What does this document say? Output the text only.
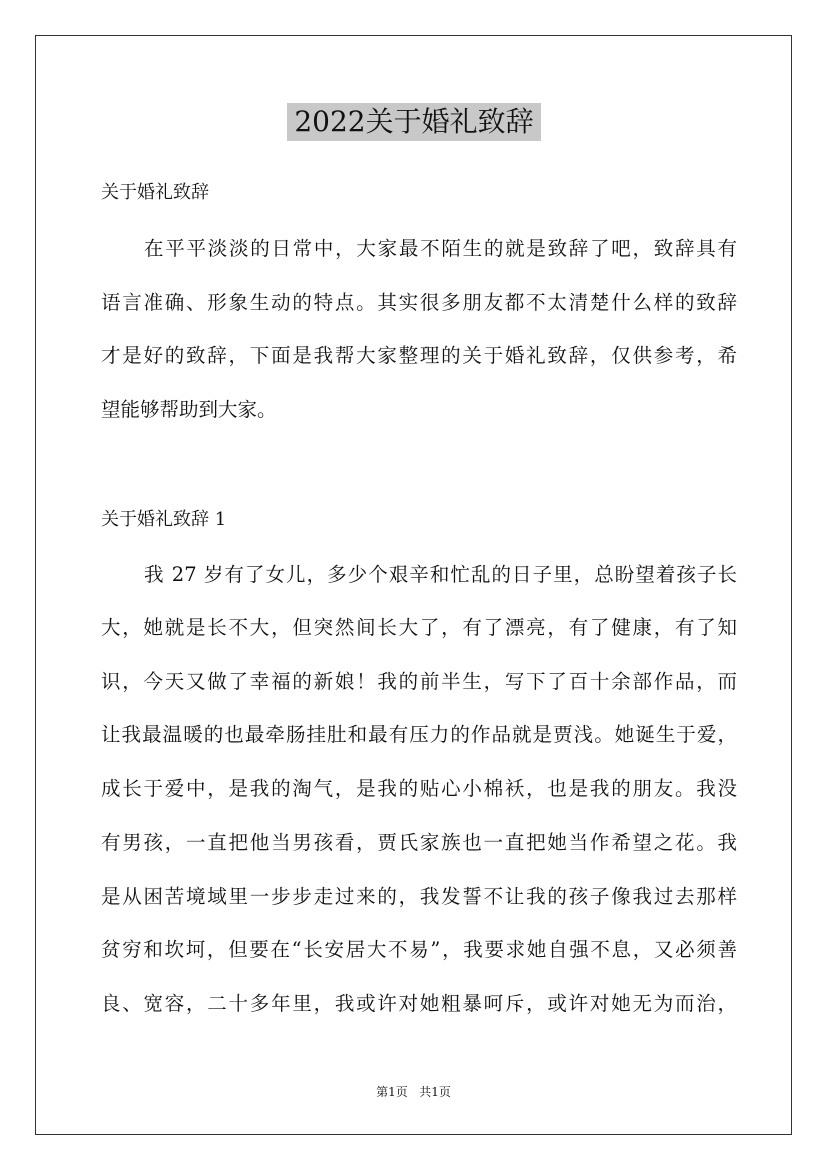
2022关于婚礼致辞
关于婚礼致辞
在平平淡淡的日常中，大家最不陌生的就是致辞了吧，致辞具有
语言准确、形象生动的特点。其实很多朋友都不太清楚什么样的致辞
才是好的致辞，下面是我帮大家整理的关于婚礼致辞，仅供参考，希
望能够帮助到大家。
关于婚礼致辞 1
我 27 岁有了女儿，多少个艰辛和忙乱的日子里，总盼望着孩子长
大，她就是长不大，但突然间长大了，有了漂亮，有了健康，有了知
识，今天又做了幸福的新娘！我的前半生，写下了百十余部作品，而
让我最温暖的也最牵肠挂肚和最有压力的作品就是贾浅。她诞生于爱，
成长于爱中，是我的淘气，是我的贴心小棉袄，也是我的朋友。我没
有男孩，一直把他当男孩看，贾氏家族也一直把她当作希望之花。我
是从困苦境域里一步步走过来的，我发誓不让我的孩子像我过去那样
贫穷和坎坷，但要在“长安居大不易”，我要求她自强不息，又必须善
良、宽容，二十多年里，我或许对她粗暴呵斥，或许对她无为而治，
第1页   共1页
